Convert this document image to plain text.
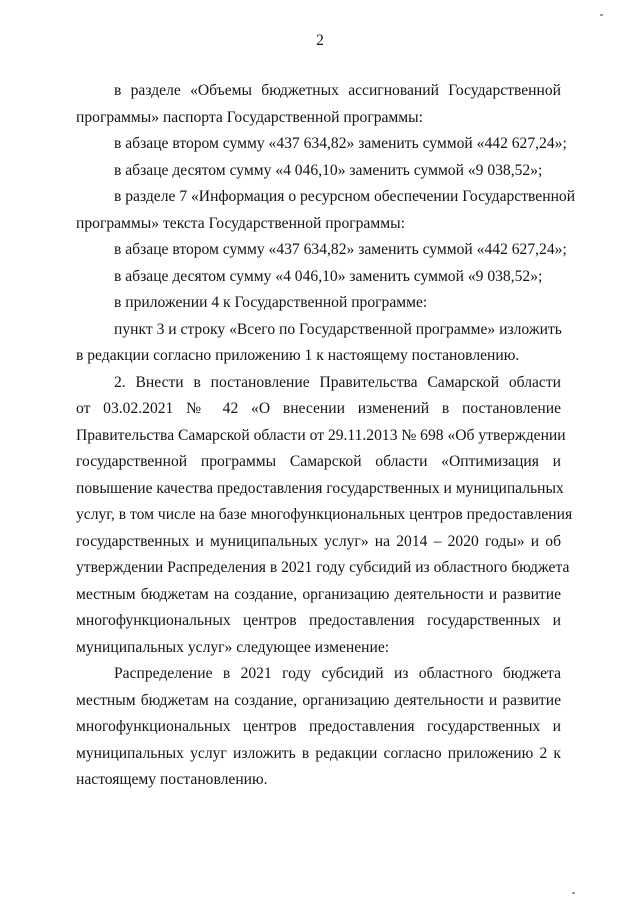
2
в разделе «Объемы бюджетных ассигнований Государственной
программы» паспорта Государственной программы:
в абзаце втором сумму «437 634,82» заменить суммой «442 627,24»;
в абзаце десятом сумму «4 046,10» заменить суммой «9 038,52»;
в разделе 7 «Информация о ресурсном обеспечении Государственной
программы» текста Государственной программы:
в абзаце втором сумму «437 634,82» заменить суммой «442 627,24»;
в абзаце десятом сумму «4 046,10» заменить суммой «9 038,52»;
в приложении 4 к Государственной программе:
пункт 3 и строку «Всего по Государственной программе» изложить
в редакции согласно приложению 1 к настоящему постановлению.
2. Внести в постановление Правительства Самарской области
от 03.02.2021 № 42 «О внесении изменений в постановление
Правительства Самарской области от 29.11.2013 № 698 «Об утверждении
государственной программы Самарской области «Оптимизация и
повышение качества предоставления государственных и муниципальных
услуг, в том числе на базе многофункциональных центров предоставления
государственных и муниципальных услуг» на 2014 – 2020 годы» и об
утверждении Распределения в 2021 году субсидий из областного бюджета
местным бюджетам на создание, организацию деятельности и развитие
многофункциональных центров предоставления государственных и
муниципальных услуг» следующее изменение:
Распределение в 2021 году субсидий из областного бюджета
местным бюджетам на создание, организацию деятельности и развитие
многофункциональных центров предоставления государственных и
муниципальных услуг изложить в редакции согласно приложению 2 к
настоящему постановлению.
